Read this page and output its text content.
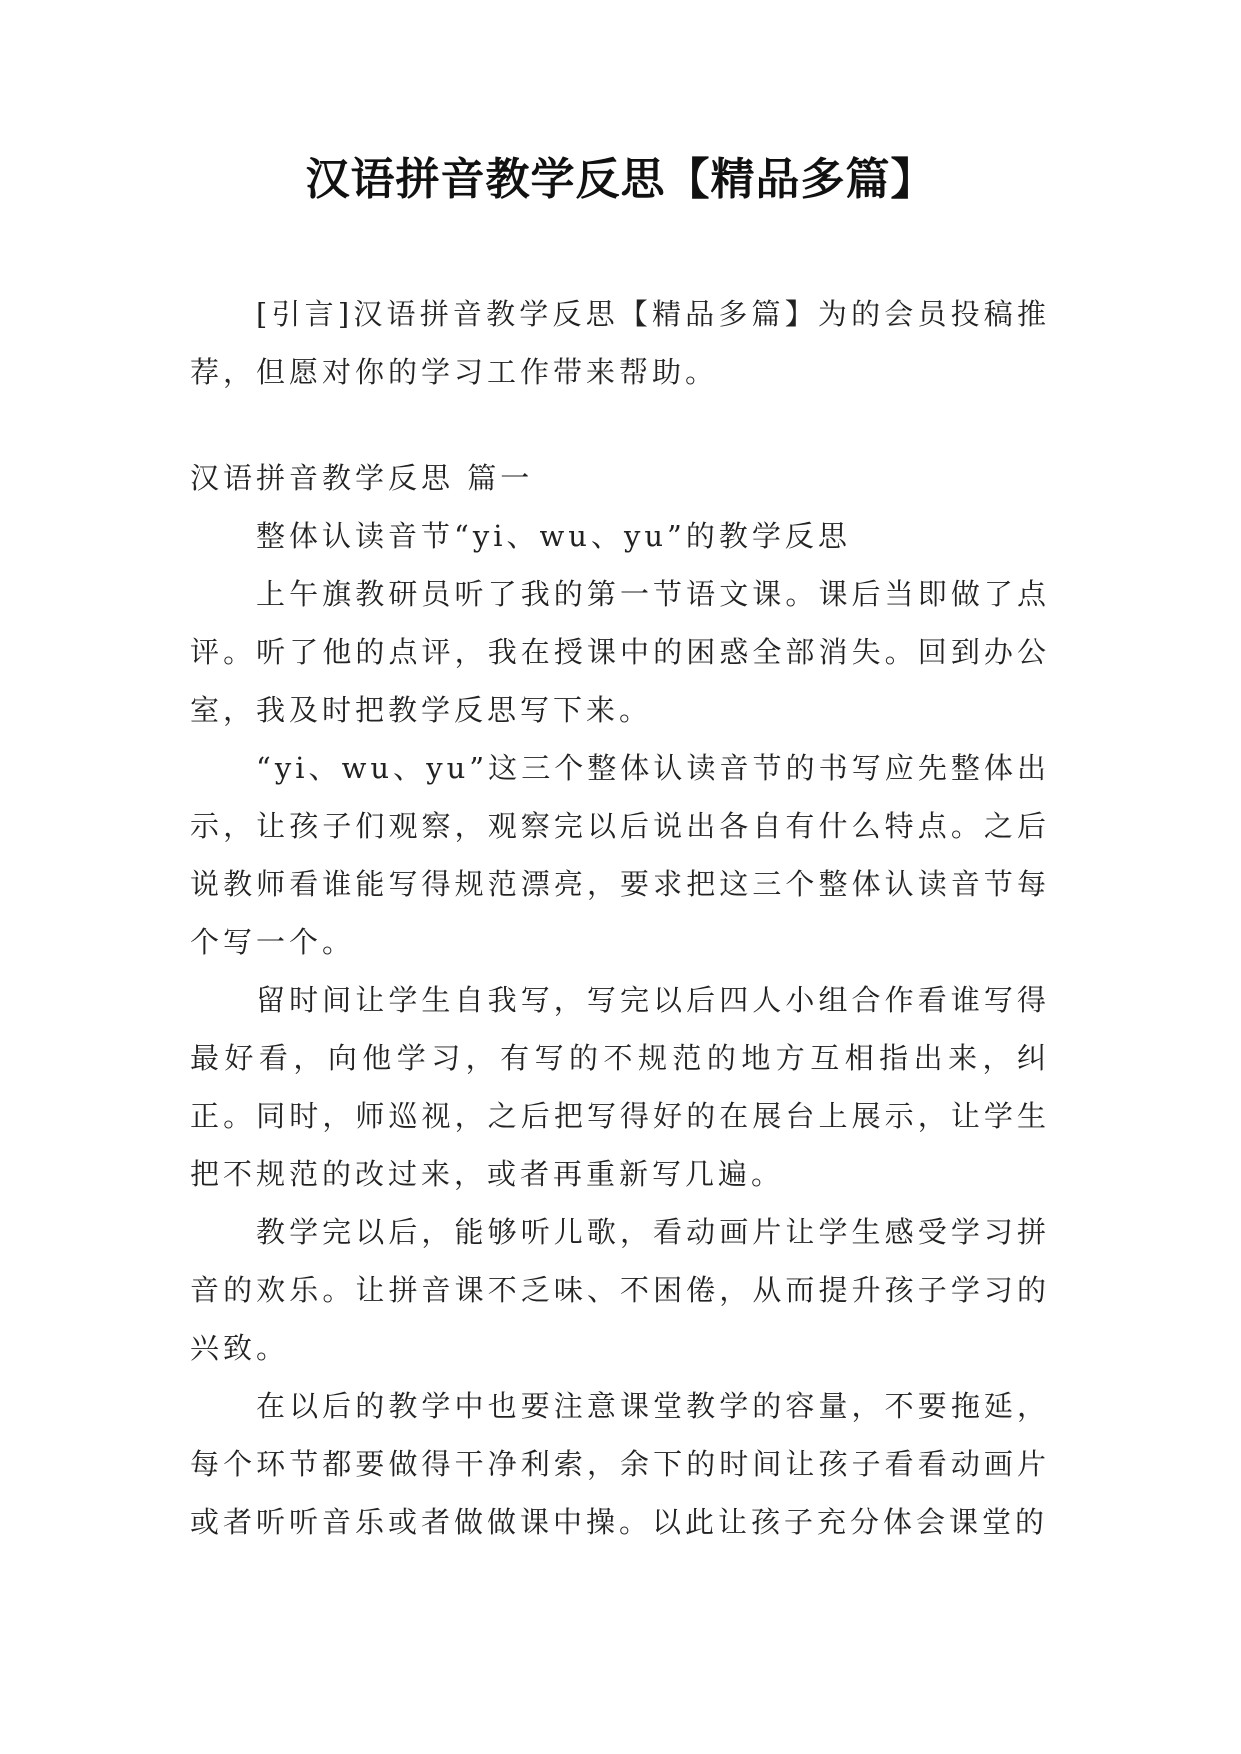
汉语拼音教学反思【精品多篇】

[引言]汉语拼音教学反思【精品多篇】为的会员投稿推荐，但愿对你的学习工作带来帮助。

汉语拼音教学反思 篇一

整体认读音节“yi、wu、yu”的教学反思

上午旗教研员听了我的第一节语文课。课后当即做了点评。听了他的点评，我在授课中的困惑全部消失。回到办公室，我及时把教学反思写下来。

“yi、wu、yu”这三个整体认读音节的书写应先整体出示，让孩子们观察，观察完以后说出各自有什么特点。之后说教师看谁能写得规范漂亮，要求把这三个整体认读音节每个写一个。

留时间让学生自我写，写完以后四人小组合作看谁写得最好看，向他学习，有写的不规范的地方互相指出来，纠正。同时，师巡视，之后把写得好的在展台上展示，让学生把不规范的改过来，或者再重新写几遍。

教学完以后，能够听儿歌，看动画片让学生感受学习拼音的欢乐。让拼音课不乏味、不困倦，从而提升孩子学习的兴致。

在以后的教学中也要注意课堂教学的容量，不要拖延，每个环节都要做得干净利索，余下的时间让孩子看看动画片或者听听音乐或者做做课中操。以此让孩子充分体会课堂的
